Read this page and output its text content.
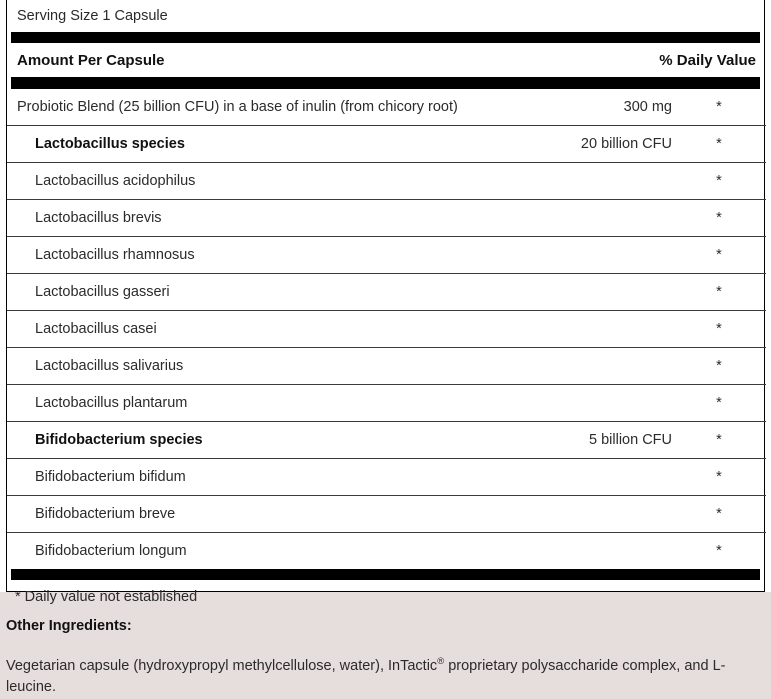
Serving Size 1 Capsule
Amount Per Capsule	% Daily Value
Probiotic Blend (25 billion CFU) in a base of inulin (from chicory root)	300 mg	*
Lactobacillus species	20 billion CFU	*
Lactobacillus acidophilus		*
Lactobacillus brevis		*
Lactobacillus rhamnosus		*
Lactobacillus gasseri		*
Lactobacillus casei		*
Lactobacillus salivarius		*
Lactobacillus plantarum		*
Bifidobacterium species	5 billion CFU	*
Bifidobacterium bifidum		*
Bifidobacterium breve		*
Bifidobacterium longum		*
* Daily value not established
Other Ingredients:
Vegetarian capsule (hydroxypropyl methylcellulose, water), InTactic® proprietary polysaccharide complex, and L-leucine.
